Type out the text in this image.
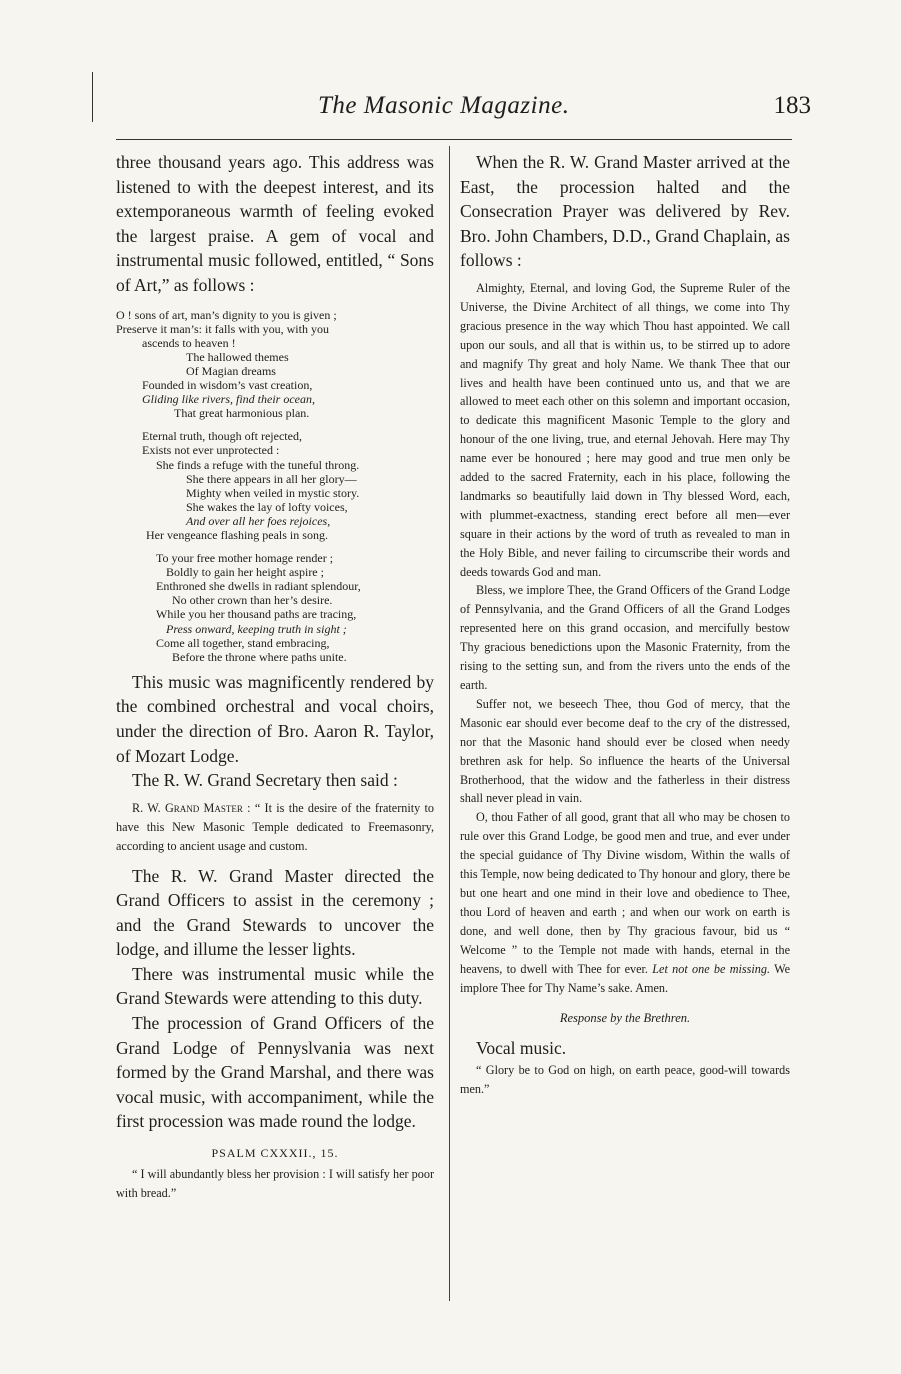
The Masonic Magazine.	183

three thousand years ago. This address was listened to with the deepest interest, and its extemporaneous warmth of feeling evoked the largest praise. A gem of vocal and instrumental music followed, entitled, “ Sons of Art,” as follows :

O ! sons of art, man’s dignity to you is given ;
Preserve it man’s: it falls with you, with you
ascends to heaven !
The hallowed themes
Of Magian dreams
Founded in wisdom’s vast creation,
Gliding like rivers, find their ocean,
That great harmonious plan.
Eternal truth, though oft rejected,
Exists not ever unprotected :
She finds a refuge with the tuneful throng.
She there appears in all her glory—
Mighty when veiled in mystic story.
She wakes the lay of lofty voices,
And over all her foes rejoices,
Her vengeance flashing peals in song.
To your free mother homage render ;
Boldly to gain her height aspire ;
Enthroned she dwells in radiant splendour,
No other crown than her’s desire.
While you her thousand paths are tracing,
Press onward, keeping truth in sight ;
Come all together, stand embracing,
Before the throne where paths unite.

This music was magnificently rendered by the combined orchestral and vocal choirs, under the direction of Bro. Aaron R. Taylor, of Mozart Lodge.

The R. W. Grand Secretary then said :

R. W. Grand Master : “ It is the desire of the fraternity to have this New Masonic Temple dedicated to Freemasonry, according to ancient usage and custom.

The R. W. Grand Master directed the Grand Officers to assist in the ceremony ; and the Grand Stewards to uncover the lodge, and illume the lesser lights.

There was instrumental music while the Grand Stewards were attending to this duty.

The procession of Grand Officers of the Grand Lodge of Pennyslvania was next formed by the Grand Marshal, and there was vocal music, with accompaniment, while the first procession was made round the lodge.

PSALM CXXXII., 15.

“ I will abundantly bless her provision : I will satisfy her poor with bread.”

When the R. W. Grand Master arrived at the East, the procession halted and the Consecration Prayer was delivered by Rev. Bro. John Chambers, D.D., Grand Chaplain, as follows :

Almighty, Eternal, and loving God, the Supreme Ruler of the Universe, the Divine Architect of all things, we come into Thy gracious presence in the way which Thou hast appointed. We call upon our souls, and all that is within us, to be stirred up to adore and magnify Thy great and holy Name. We thank Thee that our lives and health have been continued unto us, and that we are allowed to meet each other on this solemn and important occasion, to dedicate this magnificent Masonic Temple to the glory and honour of the one living, true, and eternal Jehovah. Here may Thy name ever be honoured ; here may good and true men only be added to the sacred Fraternity, each in his place, following the landmarks so beautifully laid down in Thy blessed Word, each, with plummet-exactness, standing erect before all men—ever square in their actions by the word of truth as revealed to man in the Holy Bible, and never failing to circumscribe their words and deeds towards God and man.

Bless, we implore Thee, the Grand Officers of the Grand Lodge of Pennsylvania, and the Grand Officers of all the Grand Lodges represented here on this grand occasion, and mercifully bestow Thy gracious benedictions upon the Masonic Fraternity, from the rising to the setting sun, and from the rivers unto the ends of the earth.

Suffer not, we beseech Thee, thou God of mercy, that the Masonic ear should ever become deaf to the cry of the distressed, nor that the Masonic hand should ever be closed when needy brethren ask for help. So influence the hearts of the Universal Brotherhood, that the widow and the fatherless in their distress shall never plead in vain.

O, thou Father of all good, grant that all who may be chosen to rule over this Grand Lodge, be good men and true, and ever under the special guidance of Thy Divine wisdom, Within the walls of this Temple, now being dedicated to Thy honour and glory, there be but one heart and one mind in their love and obedience to Thee, thou Lord of heaven and earth ; and when our work on earth is done, and well done, then by Thy gracious favour, bid us “ Welcome ” to the Temple not made with hands, eternal in the heavens, to dwell with Thee for ever. Let not one be missing. We implore Thee for Thy Name’s sake. Amen.

Response by the Brethren.

Vocal music.

“ Glory be to God on high, on earth peace, good-will towards men.”
